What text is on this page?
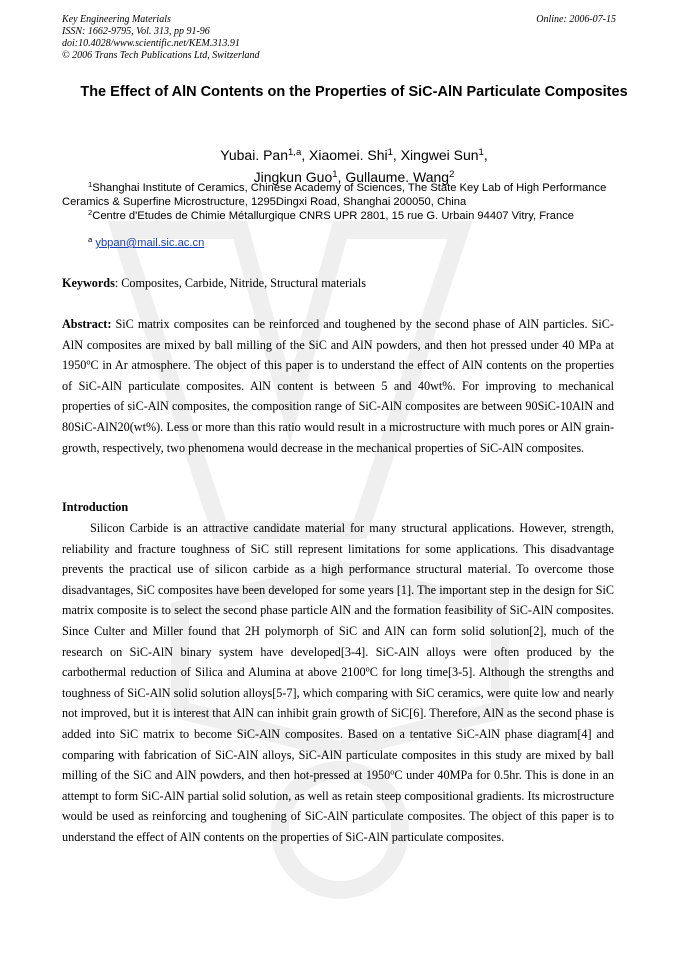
Key Engineering Materials
ISSN: 1662-9795, Vol. 313, pp 91-96
doi:10.4028/www.scientific.net/KEM.313.91
© 2006 Trans Tech Publications Ltd, Switzerland
Online: 2006-07-15
The Effect of AlN Contents on the Properties of SiC-AlN Particulate Composites
Yubai. Pan$^{1,a}$, Xiaomei. Shi$^1$, Xingwei Sun$^1$,
Jingkun Guo$^1$, Gullaume. Wang$^2$
$^1$Shanghai Institute of Ceramics, Chinese Academy of Sciences, The State Key Lab of High Performance Ceramics & Superfine Microstructure, 1295Dingxi Road, Shanghai 200050, China
$^2$Centre d'Etudes de Chimie Métallurgique CNRS UPR 2801, 15 rue G. Urbain 94407 Vitry, France
$^a$ ybpan@mail.sic.ac.cn
Keywords: Composites, Carbide, Nitride, Structural materials
Abstract: SiC matrix composites can be reinforced and toughened by the second phase of AlN particles. SiC-AlN composites are mixed by ball milling of the SiC and AlN powders, and then hot pressed under 40 MPa at 1950$^o$C in Ar atmosphere. The object of this paper is to understand the effect of AlN contents on the properties of SiC-AlN particulate composites. AlN content is between 5 and 40wt%. For improving to mechanical properties of siC-AlN composites, the composition range of SiC-AlN composites are between 90SiC-10AlN and 80SiC-AlN20(wt%). Less or more than this ratio would result in a microstructure with much pores or AlN grain-growth, respectively, two phenomena would decrease in the mechanical properties of SiC-AlN composites.
Introduction
Silicon Carbide is an attractive candidate material for many structural applications. However, strength, reliability and fracture toughness of SiC still represent limitations for some applications. This disadvantage prevents the practical use of silicon carbide as a high performance structural material. To overcome those disadvantages, SiC composites have been developed for some years [1]. The important step in the design for SiC matrix composite is to select the second phase particle AlN and the formation feasibility of SiC-AlN composites. Since Culter and Miller found that 2H polymorph of SiC and AlN can form solid solution[2], much of the research on SiC-AlN binary system have developed[3-4]. SiC-AlN alloys were often produced by the carbothermal reduction of Silica and Alumina at above 2100$^o$C for long time[3-5]. Although the strengths and toughness of SiC-AlN solid solution alloys[5-7], which comparing with SiC ceramics, were quite low and nearly not improved, but it is interest that AlN can inhibit grain growth of SiC[6]. Therefore, AlN as the second phase is added into SiC matrix to become SiC-AlN composites. Based on a tentative SiC-AlN phase diagram[4] and comparing with fabrication of SiC-AlN alloys, SiC-AlN particulate composites in this study are mixed by ball milling of the SiC and AlN powders, and then hot-pressed at 1950$^o$C under 40MPa for 0.5hr. This is done in an attempt to form SiC-AlN partial solid solution, as well as retain steep compositional gradients. Its microstructure would be used as reinforcing and toughening of SiC-AlN particulate composites. The object of this paper is to understand the effect of AlN contents on the properties of SiC-AlN particulate composites.
